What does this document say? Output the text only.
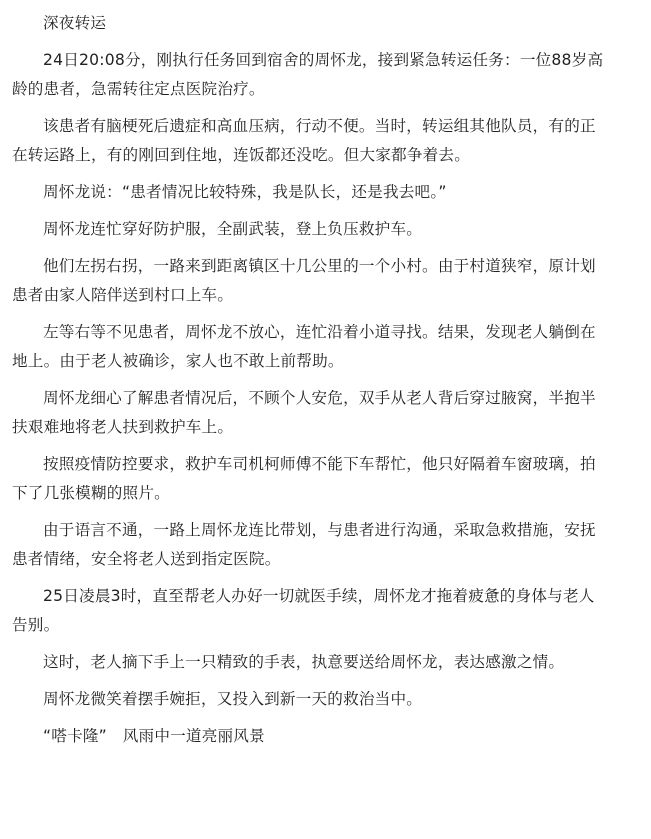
深夜转运

24日20:08分，刚执行任务回到宿舍的周怀龙，接到紧急转运任务：一位88岁高龄的患者，急需转往定点医院治疗。

该患者有脑梗死后遗症和高血压病，行动不便。当时，转运组其他队员，有的正在转运路上，有的刚回到住地，连饭都还没吃。但大家都争着去。

周怀龙说：“患者情况比较特殊，我是队长，还是我去吧。”

周怀龙连忙穿好防护服，全副武装，登上负压救护车。

他们左拐右拐，一路来到距离镇区十几公里的一个小村。由于村道狭窄，原计划患者由家人陪伴送到村口上车。

左等右等不见患者，周怀龙不放心，连忙沿着小道寻找。结果，发现老人躺倒在地上。由于老人被确诊，家人也不敢上前帮助。

周怀龙细心了解患者情况后，不顾个人安危，双手从老人背后穿过腋窝，半抱半扶艰难地将老人扶到救护车上。

按照疫情防控要求，救护车司机柯师傅不能下车帮忙，他只好隔着车窗玻璃，拍下了几张模糊的照片。

由于语言不通，一路上周怀龙连比带划，与患者进行沟通，采取急救措施，安抚患者情绪，安全将老人送到指定医院。

25日凌晨3时，直至帮老人办好一切就医手续，周怀龙才拖着疲惫的身体与老人告别。

这时，老人摘下手上一只精致的手表，执意要送给周怀龙，表达感激之情。

周怀龙微笑着摆手婉拒，又投入到新一天的救治当中。

“嗒卡隆”　风雨中一道亮丽风景
